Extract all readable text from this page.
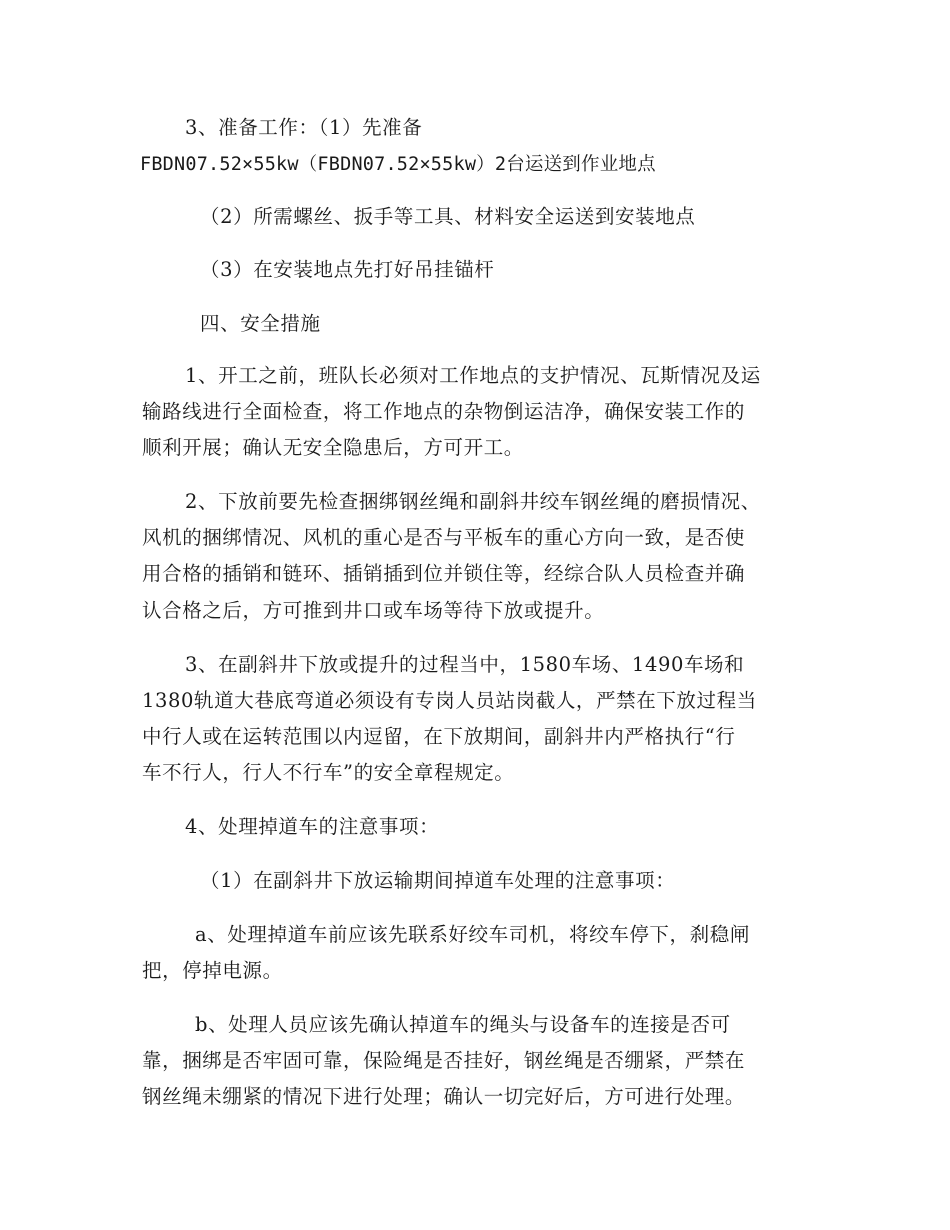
3、准备工作：（1）先准备
FBDN07.52×55kw（FBDN07.52×55kw）2台运送到作业地点
（2）所需螺丝、扳手等工具、材料安全运送到安装地点
（3）在安装地点先打好吊挂锚杆
四、安全措施
1、开工之前，班队长必须对工作地点的支护情况、瓦斯情况及运
输路线进行全面检查，将工作地点的杂物倒运洁净，确保安装工作的
顺利开展；确认无安全隐患后，方可开工。
2、下放前要先检查捆绑钢丝绳和副斜井绞车钢丝绳的磨损情况、
风机的捆绑情况、风机的重心是否与平板车的重心方向一致，是否使
用合格的插销和链环、插销插到位并锁住等，经综合队人员检查并确
认合格之后，方可推到井口或车场等待下放或提升。
3、在副斜井下放或提升的过程当中，1580车场、1490车场和
1380轨道大巷底弯道必须设有专岗人员站岗截人，严禁在下放过程当
中行人或在运转范围以内逗留，在下放期间，副斜井内严格执行“行
车不行人，行人不行车”的安全章程规定。
4、处理掉道车的注意事项：
（1）在副斜井下放运输期间掉道车处理的注意事项：
a、处理掉道车前应该先联系好绞车司机，将绞车停下，刹稳闸
把，停掉电源。
b、处理人员应该先确认掉道车的绳头与设备车的连接是否可
靠，捆绑是否牢固可靠，保险绳是否挂好，钢丝绳是否绷紧，严禁在
钢丝绳未绷紧的情况下进行处理；确认一切完好后，方可进行处理。
